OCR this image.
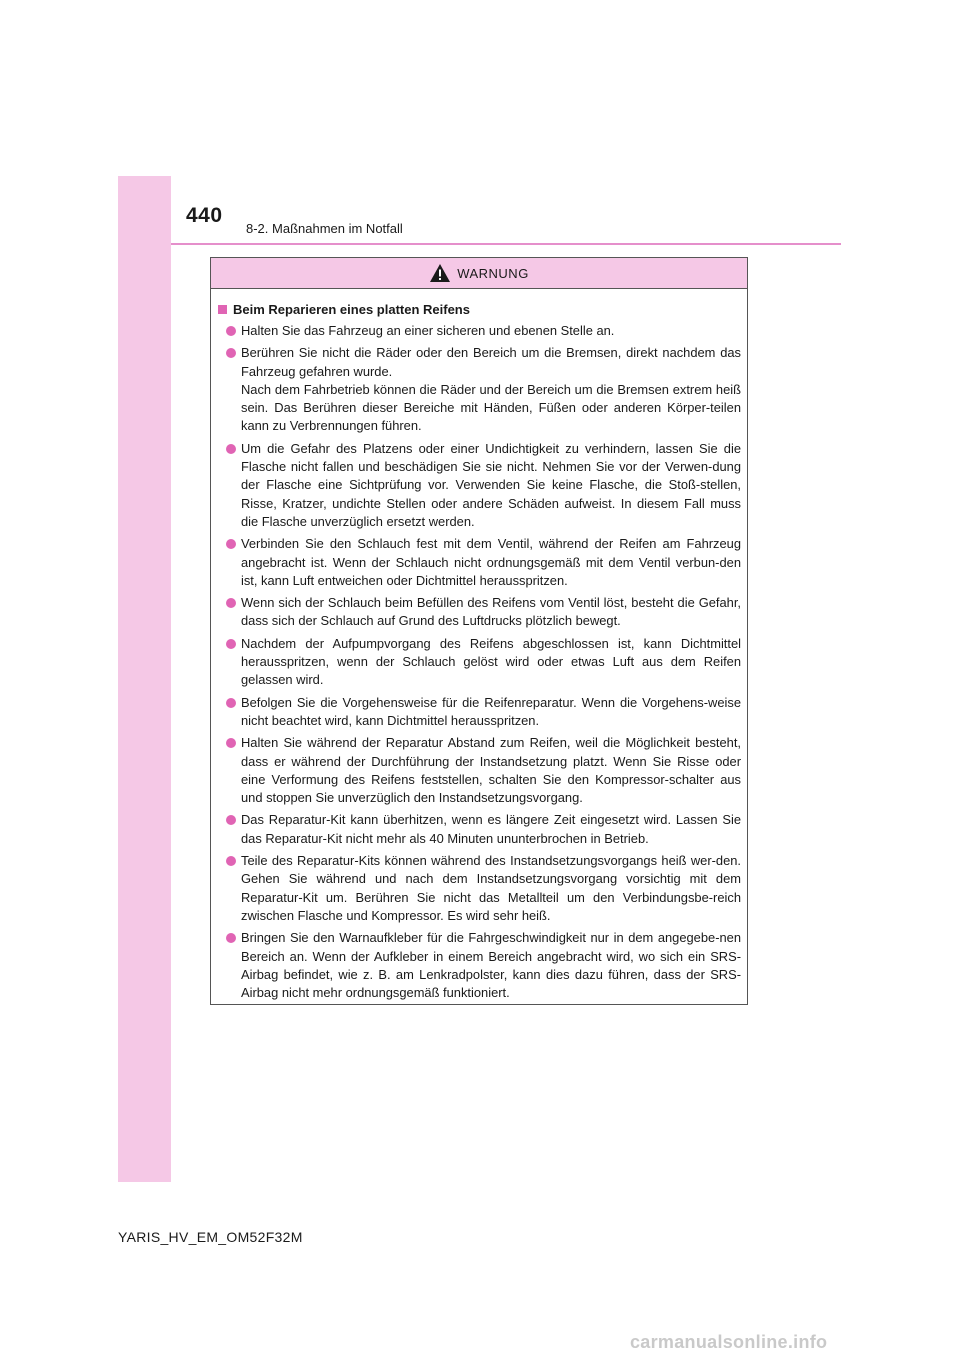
440
8-2. Maßnahmen im Notfall
WARNUNG
Beim Reparieren eines platten Reifens
Halten Sie das Fahrzeug an einer sicheren und ebenen Stelle an.
Berühren Sie nicht die Räder oder den Bereich um die Bremsen, direkt nachdem das Fahrzeug gefahren wurde.
Nach dem Fahrbetrieb können die Räder und der Bereich um die Bremsen extrem heiß sein. Das Berühren dieser Bereiche mit Händen, Füßen oder anderen Körper-teilen kann zu Verbrennungen führen.
Um die Gefahr des Platzens oder einer Undichtigkeit zu verhindern, lassen Sie die Flasche nicht fallen und beschädigen Sie sie nicht. Nehmen Sie vor der Verwen-dung der Flasche eine Sichtprüfung vor. Verwenden Sie keine Flasche, die Stoß-stellen, Risse, Kratzer, undichte Stellen oder andere Schäden aufweist. In diesem Fall muss die Flasche unverzüglich ersetzt werden.
Verbinden Sie den Schlauch fest mit dem Ventil, während der Reifen am Fahrzeug angebracht ist. Wenn der Schlauch nicht ordnungsgemäß mit dem Ventil verbun-den ist, kann Luft entweichen oder Dichtmittel herausspritzen.
Wenn sich der Schlauch beim Befüllen des Reifens vom Ventil löst, besteht die Gefahr, dass sich der Schlauch auf Grund des Luftdrucks plötzlich bewegt.
Nachdem der Aufpumpvorgang des Reifens abgeschlossen ist, kann Dichtmittel herausspritzen, wenn der Schlauch gelöst wird oder etwas Luft aus dem Reifen gelassen wird.
Befolgen Sie die Vorgehensweise für die Reifenreparatur. Wenn die Vorgehens-weise nicht beachtet wird, kann Dichtmittel herausspritzen.
Halten Sie während der Reparatur Abstand zum Reifen, weil die Möglichkeit besteht, dass er während der Durchführung der Instandsetzung platzt. Wenn Sie Risse oder eine Verformung des Reifens feststellen, schalten Sie den Kompressor-schalter aus und stoppen Sie unverzüglich den Instandsetzungsvorgang.
Das Reparatur-Kit kann überhitzen, wenn es längere Zeit eingesetzt wird. Lassen Sie das Reparatur-Kit nicht mehr als 40 Minuten ununterbrochen in Betrieb.
Teile des Reparatur-Kits können während des Instandsetzungsvorgangs heiß wer-den. Gehen Sie während und nach dem Instandsetzungsvorgang vorsichtig mit dem Reparatur-Kit um. Berühren Sie nicht das Metallteil um den Verbindungsbe-reich zwischen Flasche und Kompressor. Es wird sehr heiß.
Bringen Sie den Warnaufkleber für die Fahrgeschwindigkeit nur in dem angegebe-nen Bereich an. Wenn der Aufkleber in einem Bereich angebracht wird, wo sich ein SRS-Airbag befindet, wie z. B. am Lenkradpolster, kann dies dazu führen, dass der SRS-Airbag nicht mehr ordnungsgemäß funktioniert.
YARIS_HV_EM_OM52F32M
carmanualsonline.info
